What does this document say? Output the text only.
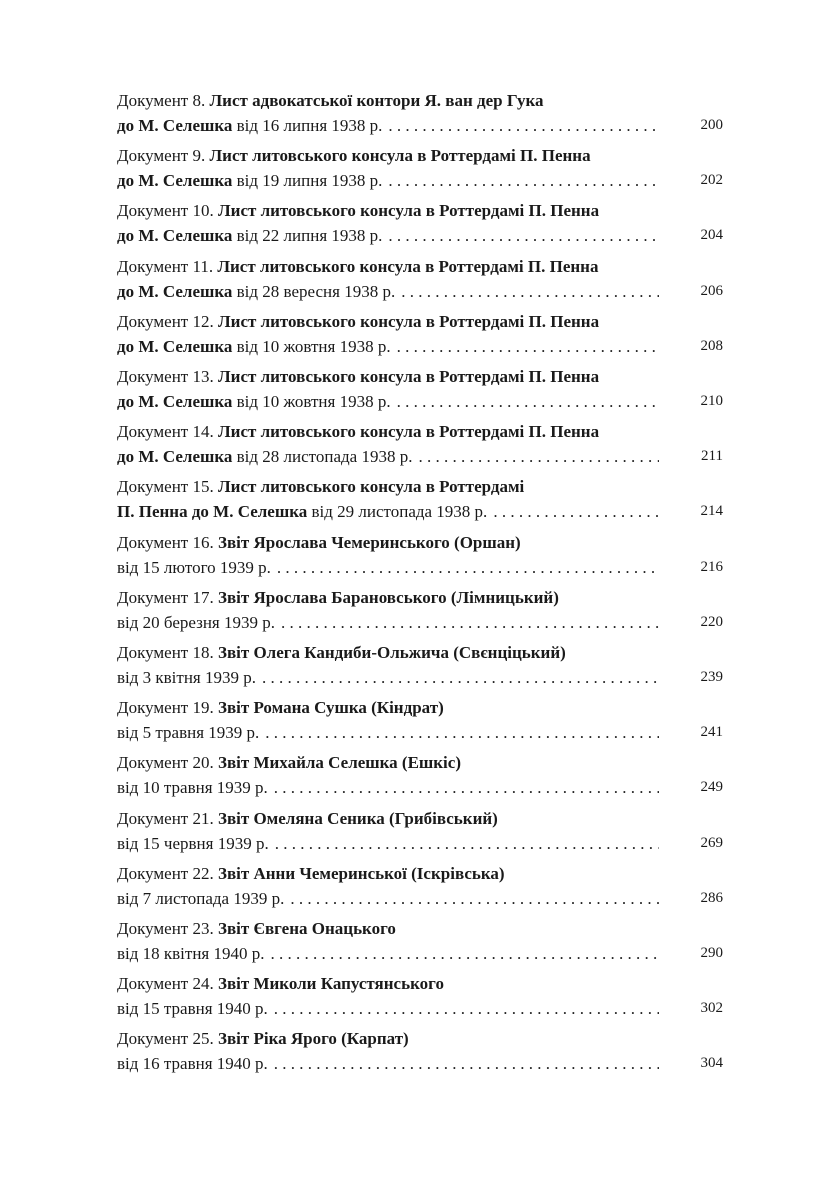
Документ 8. Лист адвокатської контори Я. ван дер Гука
до М. Селешка від 16 липня 1938 р. . . .	200
Документ 9. Лист литовського консула в Роттердамі П. Пенна
до М. Селешка від 19 липня 1938 р. . . .	202
Документ 10. Лист литовського консула в Роттердамі П. Пенна
до М. Селешка від 22 липня 1938 р. . . .	204
Документ 11. Лист литовського консула в Роттердамі П. Пенна
до М. Селешка від 28 вересня 1938 р. . . .	206
Документ 12. Лист литовського консула в Роттердамі П. Пенна
до М. Селешка від 10 жовтня 1938 р. . . .	208
Документ 13. Лист литовського консула в Роттердамі П. Пенна
до М. Селешка від 10 жовтня 1938 р. . . .	210
Документ 14. Лист литовського консула в Роттердамі П. Пенна
до М. Селешка від 28 листопада 1938 р. . . .	211
Документ 15. Лист литовського консула в Роттердамі
П. Пенна до М. Селешка від 29 листопада 1938 р. . . .	214
Документ 16. Звіт Ярослава Чемеринського (Оршан)
від 15 лютого 1939 р. . . .	216
Документ 17. Звіт Ярослава Барановського (Лімницький)
від 20 березня 1939 р. . . .	220
Документ 18. Звіт Олега Кандиби-Ольжича (Свєнціцький)
від 3 квітня 1939 р. . . .	239
Документ 19. Звіт Романа Сушка (Кіндрат)
від 5 травня 1939 р. . . .	241
Документ 20. Звіт Михайла Селешка (Ешкіс)
від 10 травня 1939 р. . . .	249
Документ 21. Звіт Омеляна Сеника (Грибівський)
від 15 червня 1939 р. . . .	269
Документ 22. Звіт Анни Чемеринської (Іскрівська)
від 7 листопада 1939 р. . . .	286
Документ 23. Звіт Євгена Онацького
від 18 квітня 1940 р. . . .	290
Документ 24. Звіт Миколи Капустянського
від 15 травня 1940 р. . . .	302
Документ 25. Звіт Ріка Ярого (Карпат)
від 16 травня 1940 р. . . .	304
